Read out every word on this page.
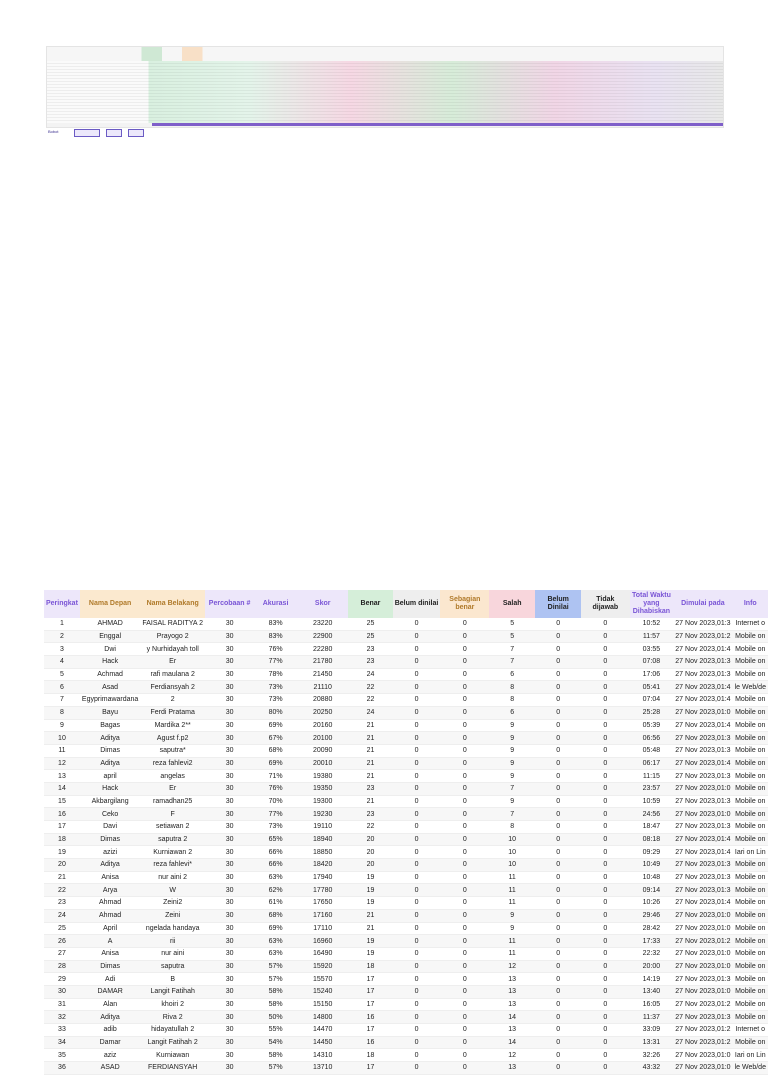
Bobot
Peringkat	Nama Depan	Nama Belakang	Percobaan #	Akurasi	Skor	Benar	Belum dinilai	Sebagian benar	Salah	Belum Dinilai	Tidak dijawab	Total Waktu yang Dihabiskan	Dimulai pada	Info
1	AHMAD	FAISAL RADITYA 2	30	83%	23220	25	0	0	5	0	0	10:52	27 Nov 2023,01:3	Internet o
2	Enggal	Prayogo 2	30	83%	22900	25	0	0	5	0	0	11:57	27 Nov 2023,01:2	Mobile on
3	Dwi	y Nurhidayah toll	30	76%	22280	23	0	0	7	0	0	03:55	27 Nov 2023,01:4	Mobile on
4	Hack	Er	30	77%	21780	23	0	0	7	0	0	07:08	27 Nov 2023,01:3	Mobile on
5	Achmad	rafi maulana 2	30	78%	21450	24	0	0	6	0	0	17:06	27 Nov 2023,01:3	Mobile on
6	Asad	Ferdiansyah 2	30	73%	21110	22	0	0	8	0	0	05:41	27 Nov 2023,01:4	le Web/de
7	Egyprimawardana	2	30	73%	20880	22	0	0	8	0	0	07:04	27 Nov 2023,01:4	Mobile on
8	Bayu	Ferdi Pratama	30	80%	20250	24	0	0	6	0	0	25:28	27 Nov 2023,01:0	Mobile on
9	Bagas	Mardika 2**	30	69%	20160	21	0	0	9	0	0	05:39	27 Nov 2023,01:4	Mobile on
10	Aditya	Agust f.p2	30	67%	20100	21	0	0	9	0	0	06:56	27 Nov 2023,01:3	Mobile on
11	Dimas	saputra*	30	68%	20090	21	0	0	9	0	0	05:48	27 Nov 2023,01:3	Mobile on
12	Aditya	reza fahlevi2	30	69%	20010	21	0	0	9	0	0	06:17	27 Nov 2023,01:4	Mobile on
13	april	angelas	30	71%	19380	21	0	0	9	0	0	11:15	27 Nov 2023,01:3	Mobile on
14	Hack	Er	30	76%	19350	23	0	0	7	0	0	23:57	27 Nov 2023,01:0	Mobile on
15	Akbargilang	ramadhan25	30	70%	19300	21	0	0	9	0	0	10:59	27 Nov 2023,01:3	Mobile on
16	Ceko	F	30	77%	19230	23	0	0	7	0	0	24:56	27 Nov 2023,01:0	Mobile on
17	Davi	setiawan 2	30	73%	19110	22	0	0	8	0	0	18:47	27 Nov 2023,01:3	Mobile on
18	Dimas	saputra 2	30	65%	18940	20	0	0	10	0	0	08:18	27 Nov 2023,01:4	Mobile on
19	azizi	Kurniawan 2	30	66%	18850	20	0	0	10	0	0	09:29	27 Nov 2023,01:4	Iari on Lin
20	Aditya	reza fahlevi*	30	66%	18420	20	0	0	10	0	0	10:49	27 Nov 2023,01:3	Mobile on
21	Anisa	nur aini 2	30	63%	17940	19	0	0	11	0	0	10:48	27 Nov 2023,01:3	Mobile on
22	Arya	W	30	62%	17780	19	0	0	11	0	0	09:14	27 Nov 2023,01:3	Mobile on
23	Ahmad	Zeini2	30	61%	17650	19	0	0	11	0	0	10:26	27 Nov 2023,01:4	Mobile on
24	Ahmad	Zeini	30	68%	17160	21	0	0	9	0	0	29:46	27 Nov 2023,01:0	Mobile on
25	April	ngelada handaya	30	69%	17110	21	0	0	9	0	0	28:42	27 Nov 2023,01:0	Mobile on
26	A	rii	30	63%	16960	19	0	0	11	0	0	17:33	27 Nov 2023,01:2	Mobile on
27	Anisa	nur aini	30	63%	16490	19	0	0	11	0	0	22:32	27 Nov 2023,01:0	Mobile on
28	Dimas	saputra	30	57%	15920	18	0	0	12	0	0	20:00	27 Nov 2023,01:0	Mobile on
29	Adi	B	30	57%	15570	17	0	0	13	0	0	14:19	27 Nov 2023,01:3	Mobile on
30	DAMAR	Langit Fatihah	30	58%	15240	17	0	0	13	0	0	13:40	27 Nov 2023,01:0	Mobile on
31	Alan	khoiri 2	30	58%	15150	17	0	0	13	0	0	16:05	27 Nov 2023,01:2	Mobile on
32	Aditya	Riva 2	30	50%	14800	16	0	0	14	0	0	11:37	27 Nov 2023,01:3	Mobile on
33	adib	hidayatullah 2	30	55%	14470	17	0	0	13	0	0	33:09	27 Nov 2023,01:2	Internet o
34	Damar	Langit Fatihah 2	30	54%	14450	16	0	0	14	0	0	13:31	27 Nov 2023,01:2	Mobile on
35	aziz	Kurniawan	30	58%	14310	18	0	0	12	0	0	32:26	27 Nov 2023,01:0	Iari on Lin
36	ASAD	FERDIANSYAH	30	57%	13710	17	0	0	13	0	0	43:32	27 Nov 2023,01:0	le Web/de
